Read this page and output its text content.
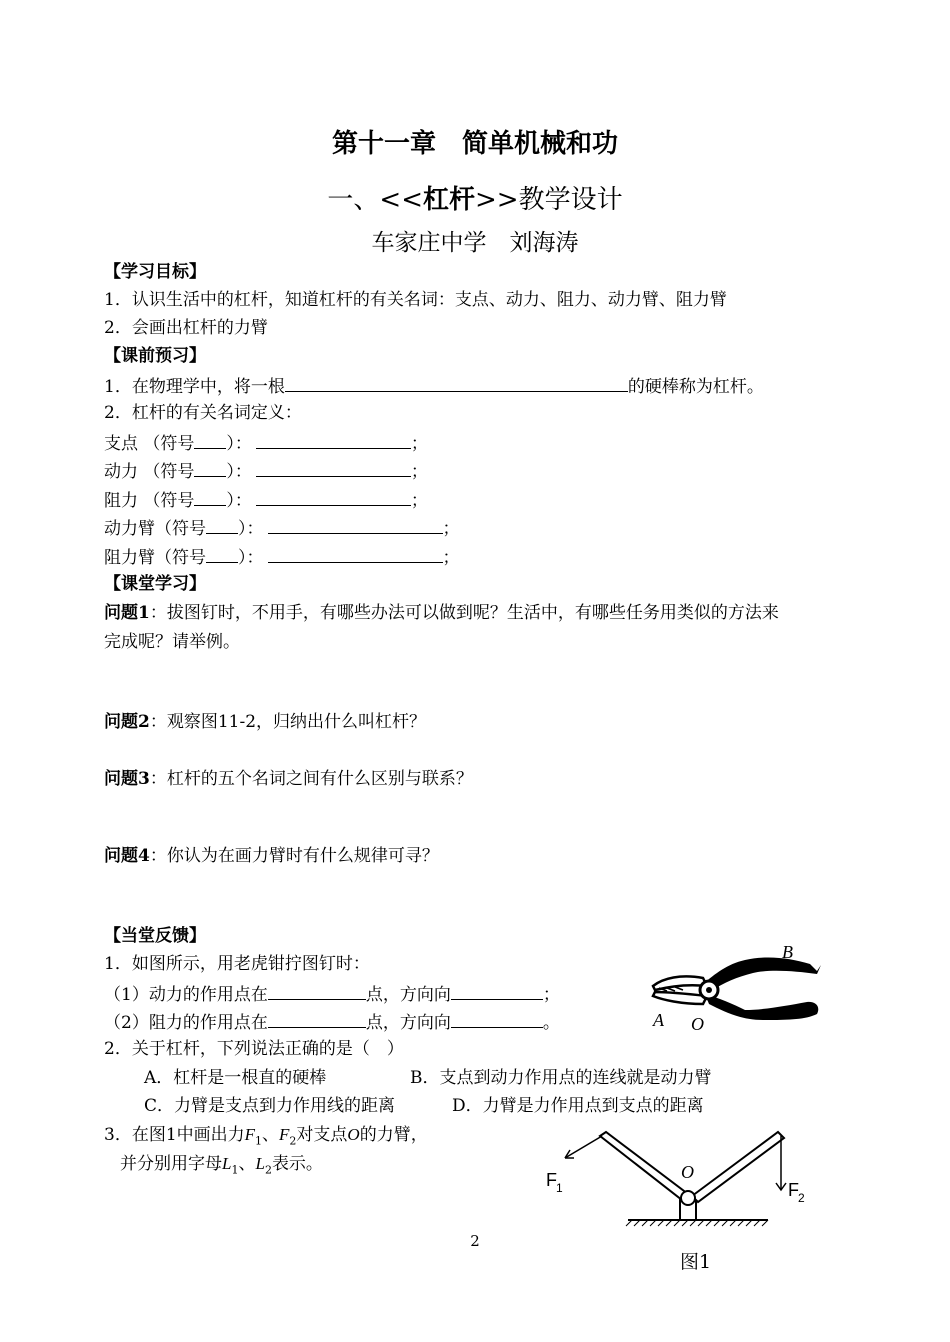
第十一章　简单机械和功
一、<<杠杆>>教学设计
车家庄中学　刘海涛
【学习目标】
1．认识生活中的杠杆，知道杠杆的有关名词：支点、动力、阻力、动力臂、阻力臂
2．会画出杠杆的力臂
【课前预习】
1．在物理学中，将一根	的硬棒称为杠杆。
2．杠杆的有关名词定义：
支点 （符号 ）：	；
动力 （符号 ）：	；
阻力 （符号 ）：	；
动力臂（符号 ）：	；
阻力臂（符号 ）：	；
【课堂学习】
问题1：拔图钉时，不用手，有哪些办法可以做到呢？生活中，有哪些任务用类似的方法来
完成呢？请举例。
问题2：观察图11-2，归纳出什么叫杠杆？
问题3：杠杆的五个名词之间有什么区别与联系？
问题4：你认为在画力臂时有什么规律可寻？
【当堂反馈】
1．如图所示，用老虎钳拧图钉时：
（1）动力的作用点在	点，方向向	；
（2）阻力的作用点在	点，方向向	。
2．关于杠杆，下列说法正确的是（　）
A．杠杆是一根直的硬棒	B．支点到动力作用点的连线就是动力臂
C．力臂是支点到力作用线的距离	D．力臂是力作用点到支点的距离
3．在图1中画出力$F_1$、$F_2$对支点O的力臂，
并分别用字母$L_1$、$L_2$表示。
B
A O
F 1
O
F 2
图1
2
